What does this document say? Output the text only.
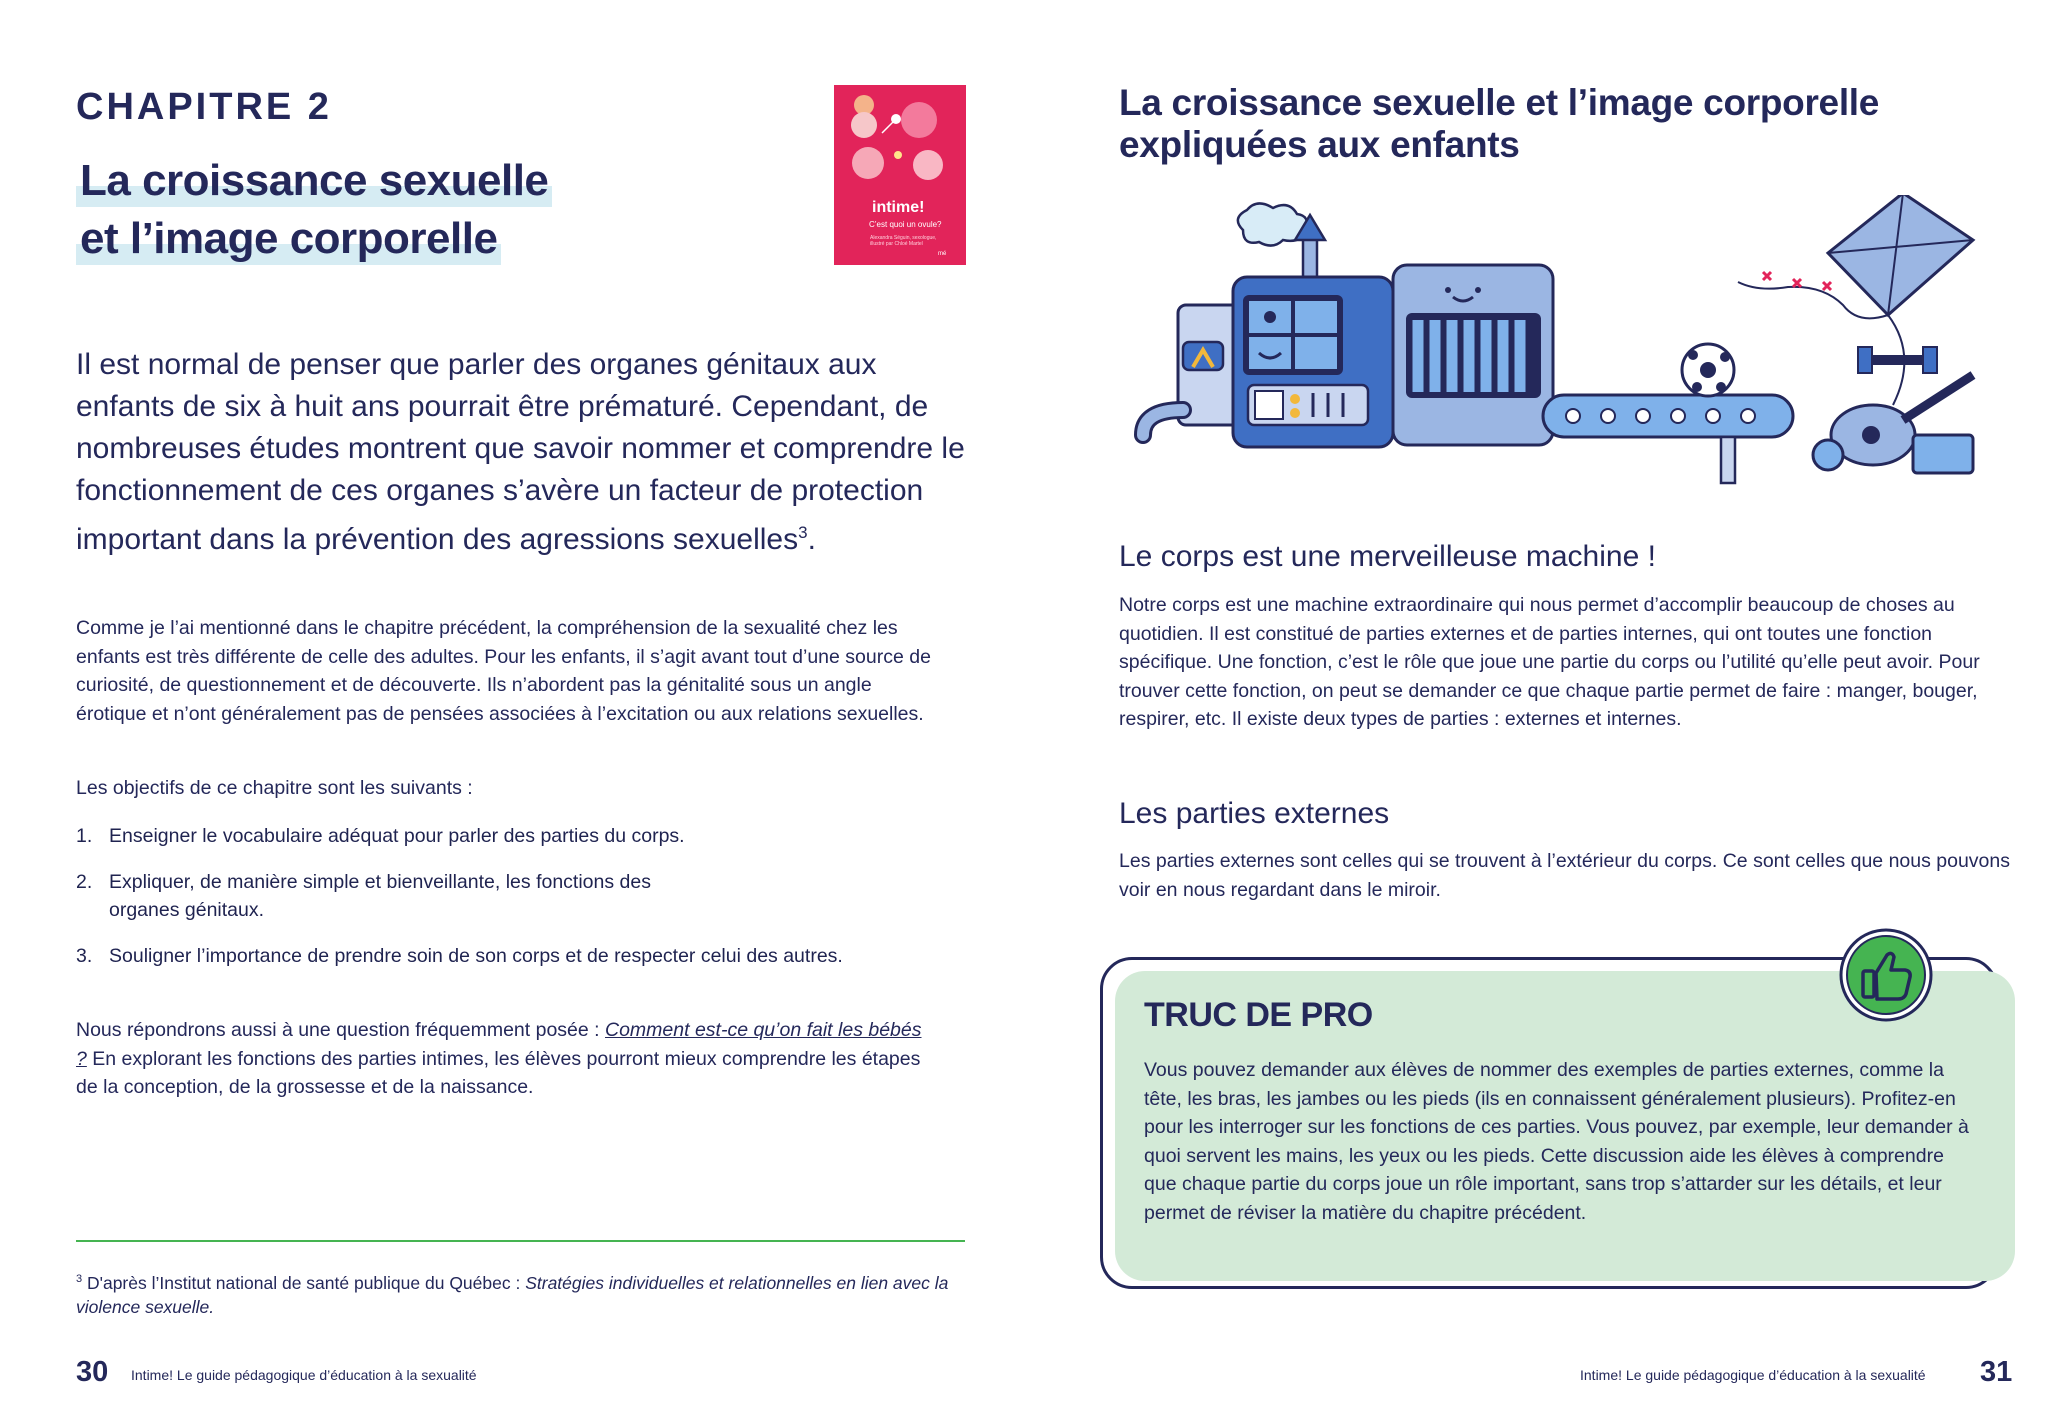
CHAPITRE 2
La croissance sexuelle
et l’image corporelle
intime!
C’est quoi un ovule?
Alexandra Séguin, sexologue, illustré par Chloé Martel
mé

Il est normal de penser que parler des organes génitaux aux enfants de six à huit ans pourrait être prématuré. Cependant, de nombreuses études montrent que savoir nommer et comprendre le fonctionnement de ces organes s’avère un facteur de protection important dans la prévention des agressions sexuelles$^3$.

Comme je l’ai mentionné dans le chapitre précédent, la compréhension de la sexualité chez les enfants est très différente de celle des adultes. Pour les enfants, il s’agit avant tout d’une source de curiosité, de questionnement et de découverte. Ils n’abordent pas la génitalité sous un angle érotique et n’ont généralement pas de pensées associées à l’excitation ou aux relations sexuelles.

Les objectifs de ce chapitre sont les suivants :

1. Enseigner le vocabulaire adéquat pour parler des parties du corps.
2. Expliquer, de manière simple et bienveillante, les fonctions des organes génitaux.
3. Souligner l’importance de prendre soin de son corps et de respecter celui des autres.

Nous répondrons aussi à une question fréquemment posée : Comment est-ce qu’on fait les bébés ? En explorant les fonctions des parties intimes, les élèves pourront mieux comprendre les étapes de la conception, de la grossesse et de la naissance.

$^3$ D'après l’Institut national de santé publique du Québec : Stratégies individuelles et relationnelles en lien avec la violence sexuelle.

30 Intime! Le guide pédagogique d’éducation à la sexualité
La croissance sexuelle et l’image corporelle expliquées aux enfants
Le corps est une merveilleuse machine !

Notre corps est une machine extraordinaire qui nous permet d’accomplir beaucoup de choses au quotidien. Il est constitué de parties externes et de parties internes, qui ont toutes une fonction spécifique. Une fonction, c’est le rôle que joue une partie du corps ou l’utilité qu’elle peut avoir. Pour trouver cette fonction, on peut se demander ce que chaque partie permet de faire : manger, bouger, respirer, etc. Il existe deux types de parties : externes et internes.

Les parties externes

Les parties externes sont celles qui se trouvent à l’extérieur du corps. Ce sont celles que nous pouvons voir en nous regardant dans le miroir.

TRUC DE PRO

Vous pouvez demander aux élèves de nommer des exemples de parties externes, comme la tête, les bras, les jambes ou les pieds (ils en connaissent généralement plusieurs). Profitez-en pour les interroger sur les fonctions de ces parties. Vous pouvez, par exemple, leur demander à quoi servent les mains, les yeux ou les pieds. Cette discussion aide les élèves à comprendre que chaque partie du corps joue un rôle important, sans trop s’attarder sur les détails, et leur permet de réviser la matière du chapitre précédent.

Intime! Le guide pédagogique d’éducation à la sexualité 31
